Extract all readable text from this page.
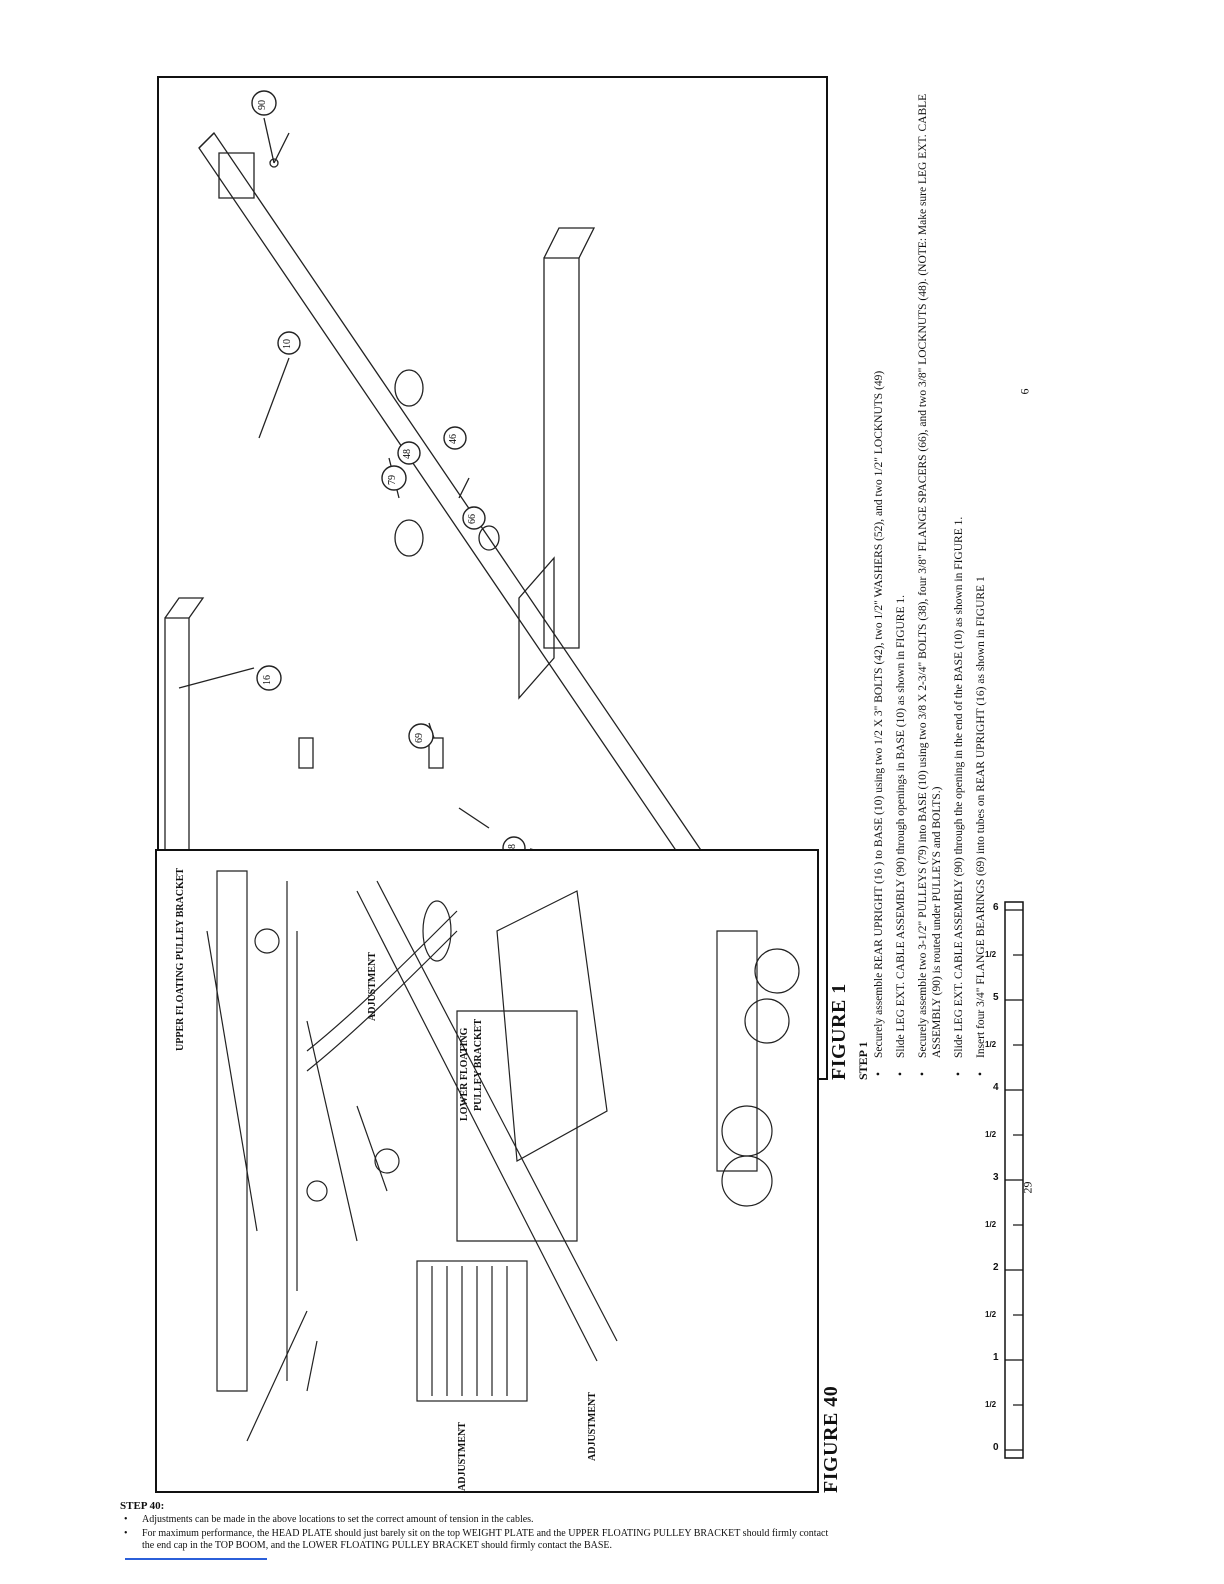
90
10
16
69
48
46
79
66
FIGURE 1 STEP 1
• Securely assemble REAR UPRIGHT (16 ) to BASE (10) using two 1/2 X 3" BOLTS (42), two 1/2" WASHERS (52), and two 1/2" LOCKNUTS (49) • Slide LEG EXT. CABLE ASSEMBLY (90) through openings in BASE (10) as shown in FIGURE 1. • Securely assemble two 3-1/2" PULLEYS (79) into BASE (10) using two 3/8 X 2-3/4" BOLTS (38), four 3/8" FLANGE SPACERS (66), and two 3/8" LOCKNUTS (48). (NOTE: Make sure LEG EXT. CABLE ASSEMBLY (90) is routed under PULLEYS and BOLTS.) • Slide LEG EXT. CABLE ASSEMBLY (90) through the opening in the end of the BASE (10) as shown in FIGURE 1. • Insert four 3/4" FLANGE BEARINGS (69) into tubes on REAR UPRIGHT (16) as shown in FIGURE 1
6
UPPER FLOATING PULLEY BRACKET	ADJUSTMENT
LOWER FLOATING PULLEY BRACKET
ADJUSTMENT	ADJUSTMENT	FIGURE 40
STEP 40:
• Adjustments can be made in the above locations to set the correct amount of tension in the cables.
• For maximum performance, the HEAD PLATE should just barely sit on the top WEIGHT PLATE and the UPPER FLOATING PULLEY BRACKET should firmly contact the end cap in the TOP BOOM, and the LOWER FLOATING PULLEY BRACKET should firmly contact the BASE.
6
1/2
5
1/2
4
1/2
3
1/2
2
1/2
1
1/2
0
29
